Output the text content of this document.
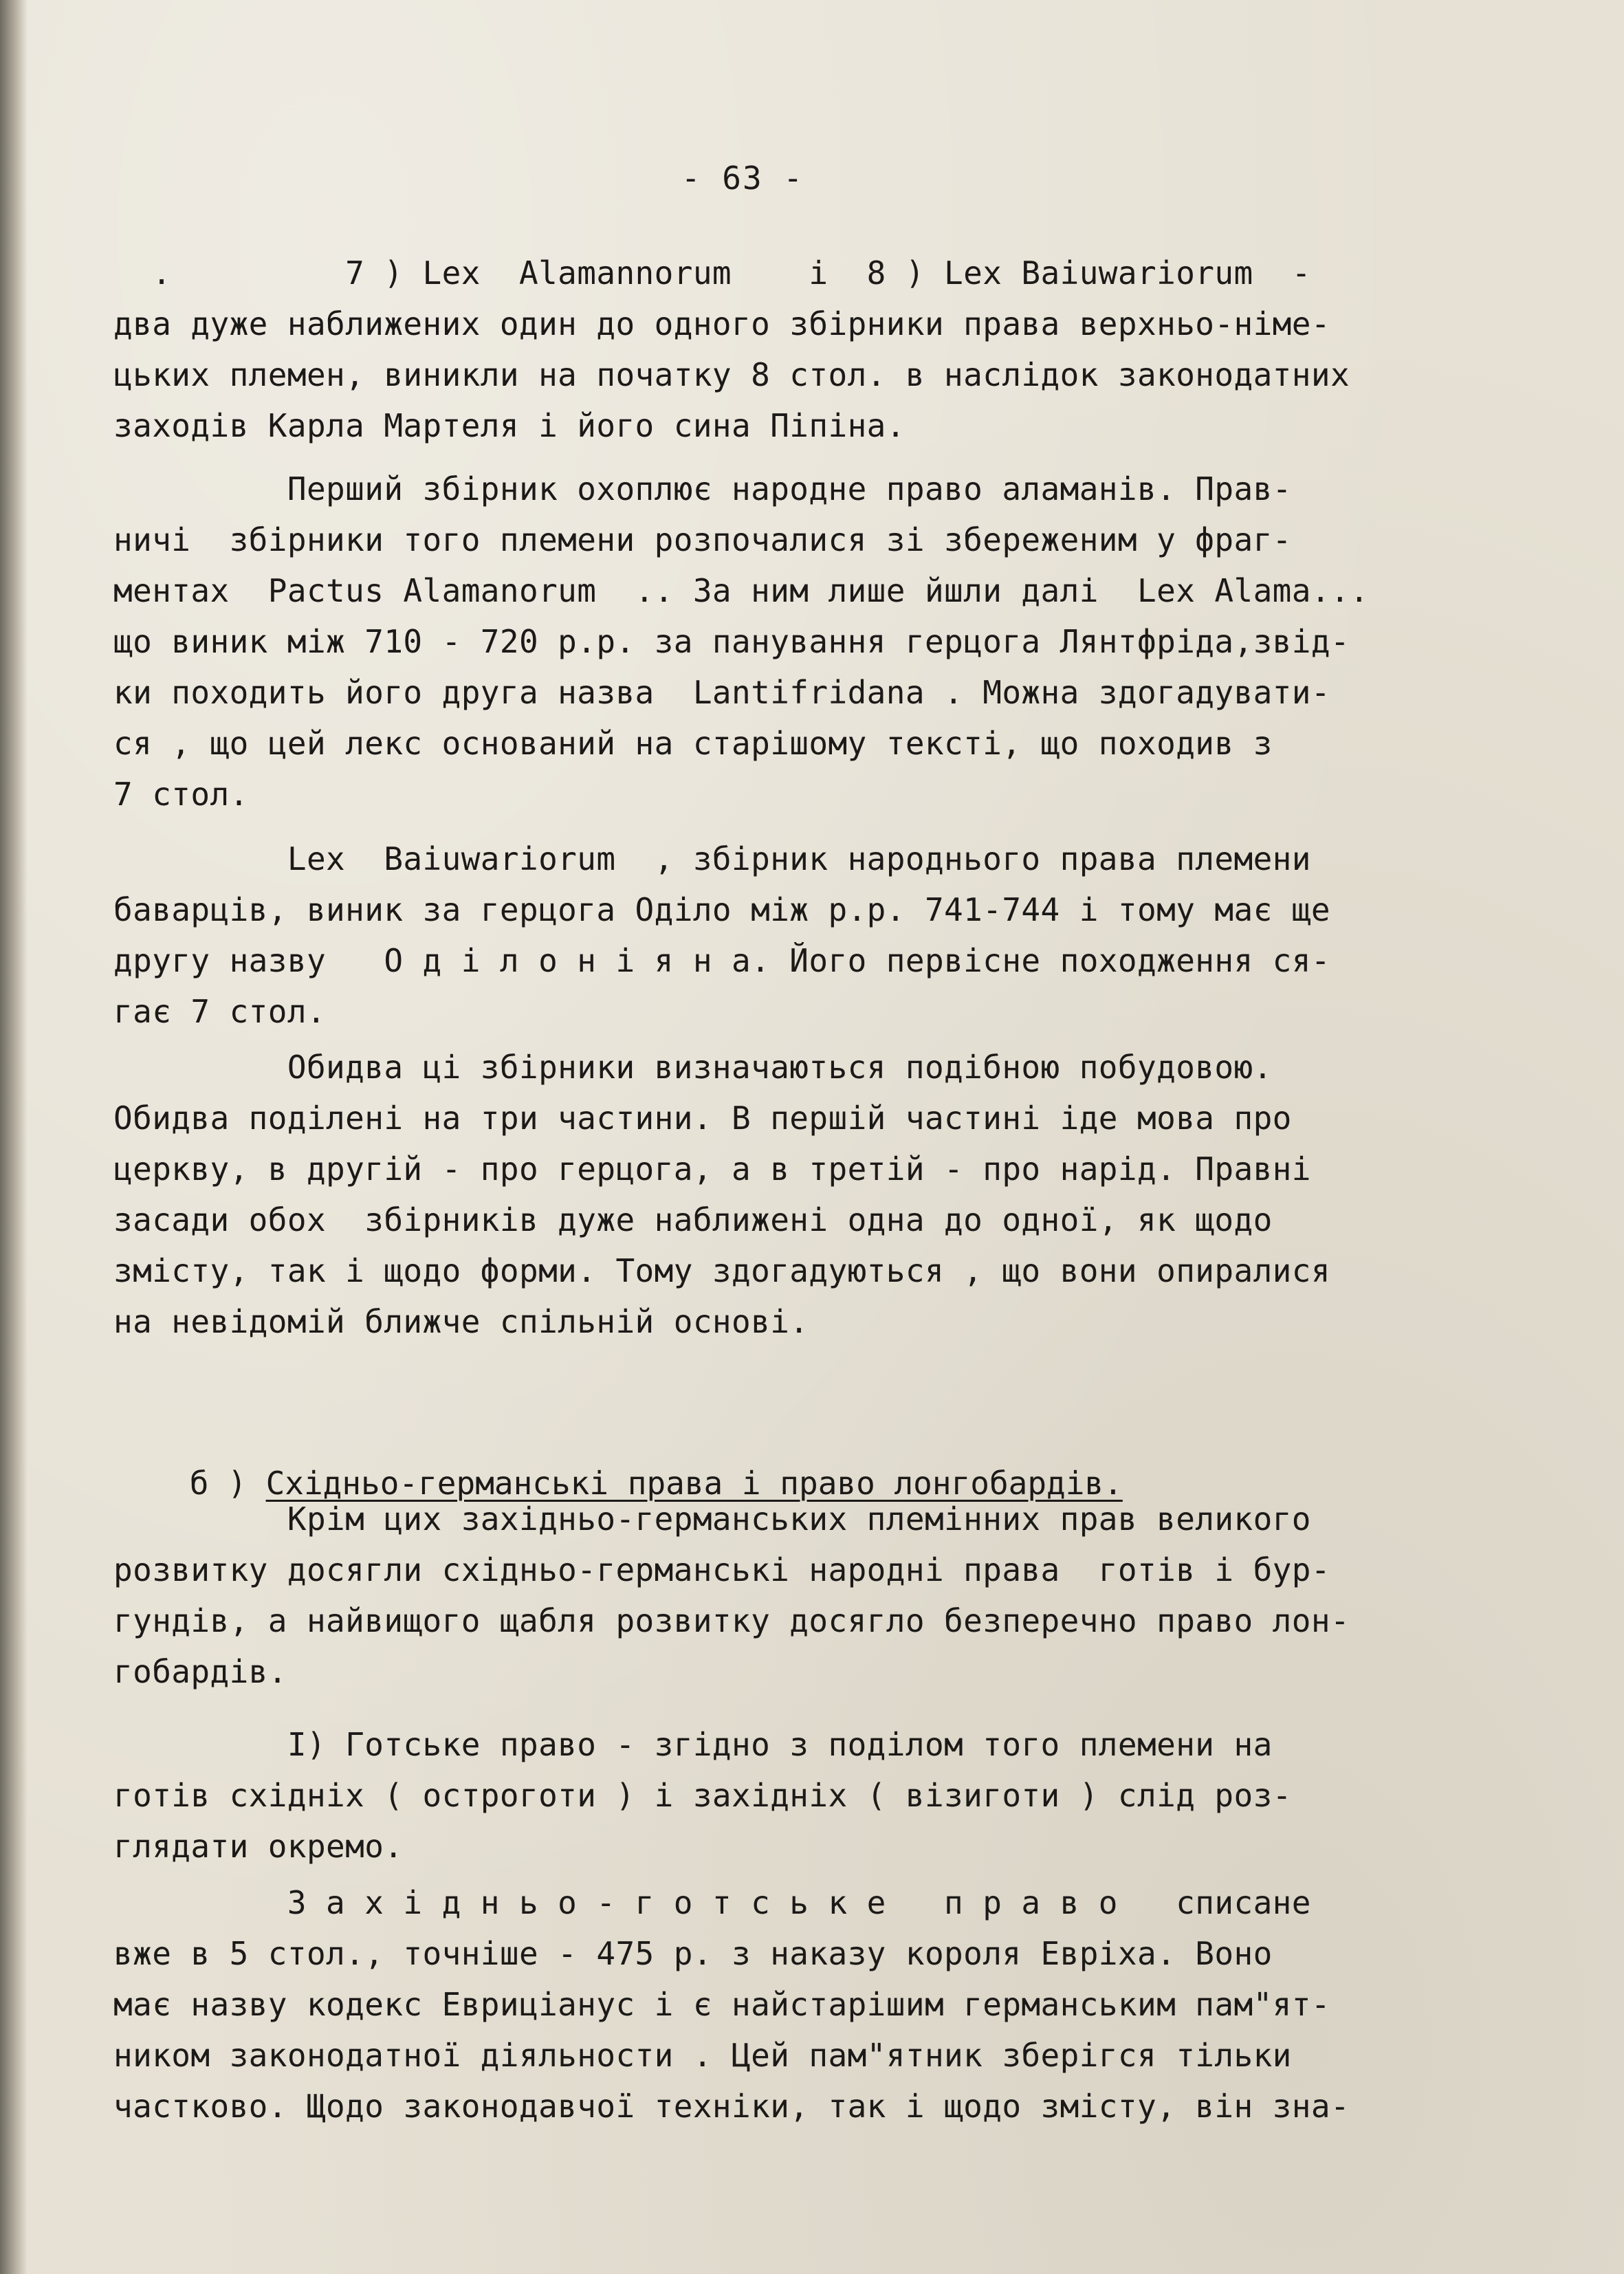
- 63 -
.         7 ) Lex  Alamannorum    і  8 ) Lex Baiuwariorum  -
два дуже наближених один до одного збірники права верхньо-німе-
цьких племен, виникли на початку 8 стол. в наслідок законодатних
заходів Карла Мартеля і його сина Піпіна.
Перший збірник охоплює народне право аламанів. Прав-
ничі  збірники того племени розпочалися зі збереженим у фраг-
ментах  Pactus Alamanorum  .. За ним лише йшли далі  Lex Alama...
що виник між 710 - 720 р.р. за панування герцога Лянтфріда,звід-
ки походить його друга назва  Lantifridana . Можна здогадувати-
ся , що цей лекс оснований на старішому тексті, що походив з
7 стол.
Lex  Baiuwariorum  , збірник народнього права племени
баварців, виник за герцога Оділо між р.р. 741-744 і тому має ще
другу назву   О д і л о н і я н а. Його первісне походження ся-
гає 7 стол.
Обидва ці збірники визначаються подібною побудовою.
Обидва поділені на три частини. В першій частині іде мова про
церкву, в другій - про герцога, а в третій - про нарід. Правні
засади обох  збірників дуже наближені одна до одної, як щодо
змісту, так і щодо форми. Тому здогадуються , що вони опиралися
на невідомій ближче спільній основі.

б ) Східньо-германські права і право лонгобардів.

Крім цих західньо-германських племінних прав великого
розвитку досягли східньо-германські народні права  готів і бур-
гундів, а найвищого щабля розвитку досягло безперечно право лон-
гобардів.
І) Готське право - згідно з поділом того племени на
готів східніх ( остроготи ) і західніх ( візиготи ) слід роз-
глядати окремо.
З а х і д н ь о - г о т с ь к е   п р а в о   списане
вже в 5 стол., точніше - 475 р. з наказу короля Евріха. Воно
має назву кодекс Евриціанус і є найстарішим германським пам"ят-
ником законодатної діяльности . Цей пам"ятник зберігся тільки
частково. Щодо законодавчої техніки, так і щодо змісту, він зна-
